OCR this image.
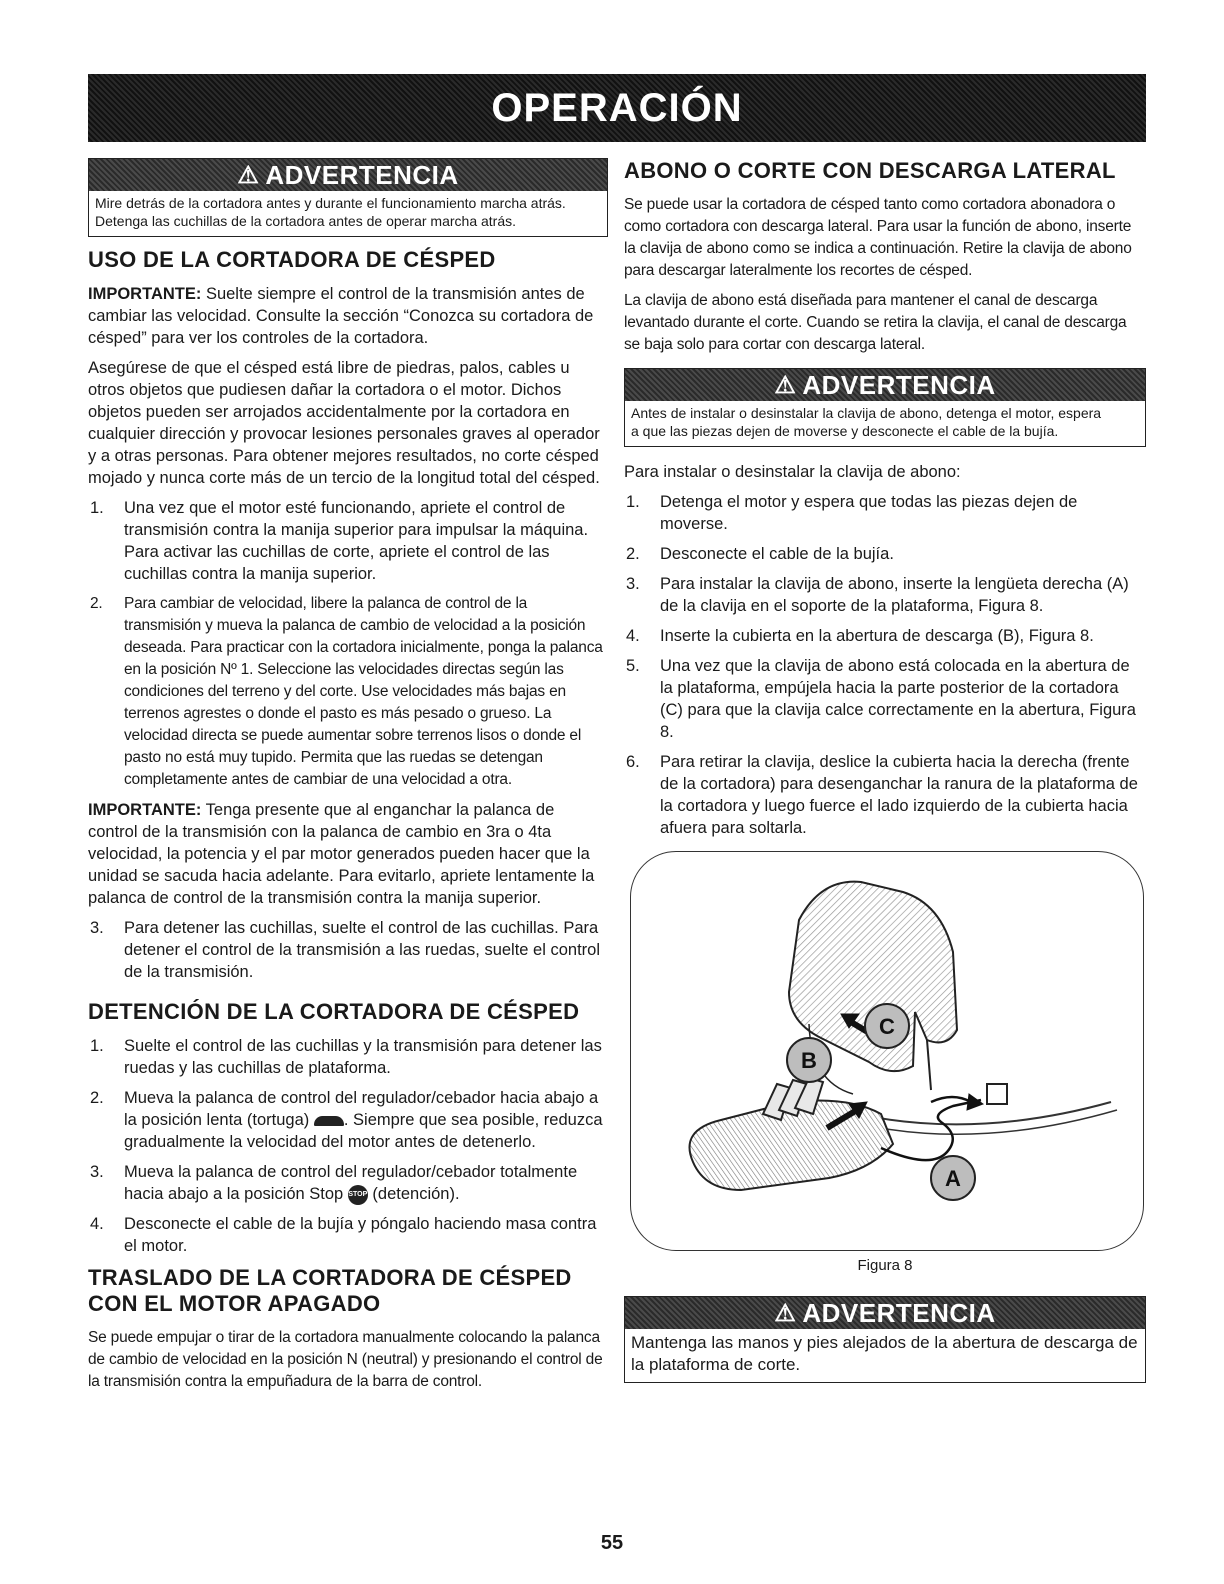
OPERACIÓN
⚠ ADVERTENCIA
Mire detrás de la cortadora antes y durante el funcionamiento marcha atrás.
Detenga las cuchillas de la cortadora antes de operar marcha atrás.
USO DE LA CORTADORA DE CÉSPED

IMPORTANTE: Suelte siempre el control de la transmisión antes de cambiar las velocidad. Consulte la sección “Conozca su cortadora de césped” para ver los controles de la cortadora.

Asegúrese de que el césped está libre de piedras, palos, cables u otros objetos que pudiesen dañar la cortadora o el motor. Dichos objetos pueden ser arrojados accidentalmente por la cortadora en cualquier dirección y provocar lesiones personales graves al operador y a otras personas. Para obtener mejores resultados, no corte césped mojado y nunca corte más de un tercio de la longitud total del césped.

1. Una vez que el motor esté funcionando, apriete el control de transmisión contra la manija superior para impulsar la máquina. Para activar las cuchillas de corte, apriete el control de las cuchillas contra la manija superior.
2. Para cambiar de velocidad, libere la palanca de control de la transmisión y mueva la palanca de cambio de velocidad a la posición deseada. Para practicar con la cortadora inicialmente, ponga la palanca en la posición Nº 1. Seleccione las velocidades directas según las condiciones del terreno y del corte. Use velocidades más bajas en terrenos agrestes o donde el pasto es más pesado o grueso. La velocidad directa se puede aumentar sobre terrenos lisos o donde el pasto no está muy tupido. Permita que las ruedas se detengan completamente antes de cambiar de una velocidad a otra.

IMPORTANTE: Tenga presente que al enganchar la palanca de control de la transmisión con la palanca de cambio en 3ra o 4ta velocidad, la potencia y el par motor generados pueden hacer que la unidad se sacuda hacia adelante. Para evitarlo, apriete lentamente la palanca de control de la transmisión contra la manija superior.

3. Para detener las cuchillas, suelte el control de las cuchillas. Para detener el control de la transmisión a las ruedas, suelte el control de la transmisión.
DETENCIÓN DE LA CORTADORA DE CÉSPED
1. Suelte el control de las cuchillas y la transmisión para detener las ruedas y las cuchillas de plataforma.
2. Mueva la palanca de control del regulador/cebador hacia abajo a la posición lenta (tortuga) . Siempre que sea posible, reduzca gradualmente la velocidad del motor antes de detenerlo.
3. Mueva la palanca de control del regulador/cebador totalmente hacia abajo a la posición Stop STOP (detención).
4. Desconecte el cable de la bujía y póngalo haciendo masa contra el motor.
TRASLADO DE LA CORTADORA DE CÉSPED CON EL MOTOR APAGADO

Se puede empujar o tirar de la cortadora manualmente colocando la palanca de cambio de velocidad en la posición N (neutral) y presionando el control de la transmisión contra la empuñadura de la barra de control.

ABONO O CORTE CON DESCARGA LATERAL

Se puede usar la cortadora de césped tanto como cortadora abonadora o como cortadora con descarga lateral. Para usar la función de abono, inserte la clavija de abono como se indica a continuación. Retire la clavija de abono para descargar lateralmente los recortes de césped.

La clavija de abono está diseñada para mantener el canal de descarga levantado durante el corte. Cuando se retira la clavija, el canal de descarga se baja solo para cortar con descarga lateral.

⚠ ADVERTENCIA
Antes de instalar o desinstalar la clavija de abono, detenga el motor, espera
a que las piezas dejen de moverse y desconecte el cable de la bujía.

Para instalar o desinstalar la clavija de abono:

1. Detenga el motor y espera que todas las piezas dejen de moverse.
2. Desconecte el cable de la bujía.
3. Para instalar la clavija de abono, inserte la lengüeta derecha (A) de la clavija en el soporte de la plataforma, Figura 8.
4. Inserte la cubierta en la abertura de descarga (B), Figura 8.
5. Una vez que la clavija de abono está colocada en la abertura de la plataforma, empújela hacia la parte posterior de la cortadora (C) para que la clavija calce correctamente en la abertura, Figura 8.
6. Para retirar la clavija, deslice la cubierta hacia la derecha (frente de la cortadora) para desenganchar la ranura de la plataforma de la cortadora y luego fuerce el lado izquierdo de la cubierta hacia afuera para soltarla.
A
B
C
Figura 8
⚠ ADVERTENCIA
Mantenga las manos y pies alejados de la abertura de descarga de la plataforma de corte.
55
